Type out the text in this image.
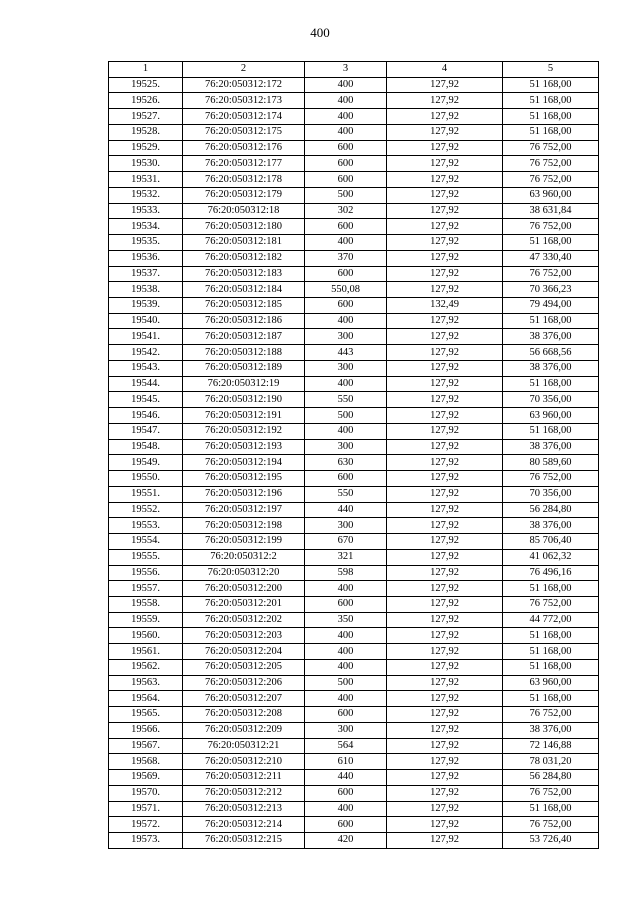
400
1	2	3	4	5
19525.	76:20:050312:172	400	127,92	51 168,00
19526.	76:20:050312:173	400	127,92	51 168,00
19527.	76:20:050312:174	400	127,92	51 168,00
19528.	76:20:050312:175	400	127,92	51 168,00
19529.	76:20:050312:176	600	127,92	76 752,00
19530.	76:20:050312:177	600	127,92	76 752,00
19531.	76:20:050312:178	600	127,92	76 752,00
19532.	76:20:050312:179	500	127,92	63 960,00
19533.	76:20:050312:18	302	127,92	38 631,84
19534.	76:20:050312:180	600	127,92	76 752,00
19535.	76:20:050312:181	400	127,92	51 168,00
19536.	76:20:050312:182	370	127,92	47 330,40
19537.	76:20:050312:183	600	127,92	76 752,00
19538.	76:20:050312:184	550,08	127,92	70 366,23
19539.	76:20:050312:185	600	132,49	79 494,00
19540.	76:20:050312:186	400	127,92	51 168,00
19541.	76:20:050312:187	300	127,92	38 376,00
19542.	76:20:050312:188	443	127,92	56 668,56
19543.	76:20:050312:189	300	127,92	38 376,00
19544.	76:20:050312:19	400	127,92	51 168,00
19545.	76:20:050312:190	550	127,92	70 356,00
19546.	76:20:050312:191	500	127,92	63 960,00
19547.	76:20:050312:192	400	127,92	51 168,00
19548.	76:20:050312:193	300	127,92	38 376,00
19549.	76:20:050312:194	630	127,92	80 589,60
19550.	76:20:050312:195	600	127,92	76 752,00
19551.	76:20:050312:196	550	127,92	70 356,00
19552.	76:20:050312:197	440	127,92	56 284,80
19553.	76:20:050312:198	300	127,92	38 376,00
19554.	76:20:050312:199	670	127,92	85 706,40
19555.	76:20:050312:2	321	127,92	41 062,32
19556.	76:20:050312:20	598	127,92	76 496,16
19557.	76:20:050312:200	400	127,92	51 168,00
19558.	76:20:050312:201	600	127,92	76 752,00
19559.	76:20:050312:202	350	127,92	44 772,00
19560.	76:20:050312:203	400	127,92	51 168,00
19561.	76:20:050312:204	400	127,92	51 168,00
19562.	76:20:050312:205	400	127,92	51 168,00
19563.	76:20:050312:206	500	127,92	63 960,00
19564.	76:20:050312:207	400	127,92	51 168,00
19565.	76:20:050312:208	600	127,92	76 752,00
19566.	76:20:050312:209	300	127,92	38 376,00
19567.	76:20:050312:21	564	127,92	72 146,88
19568.	76:20:050312:210	610	127,92	78 031,20
19569.	76:20:050312:211	440	127,92	56 284,80
19570.	76:20:050312:212	600	127,92	76 752,00
19571.	76:20:050312:213	400	127,92	51 168,00
19572.	76:20:050312:214	600	127,92	76 752,00
19573.	76:20:050312:215	420	127,92	53 726,40
